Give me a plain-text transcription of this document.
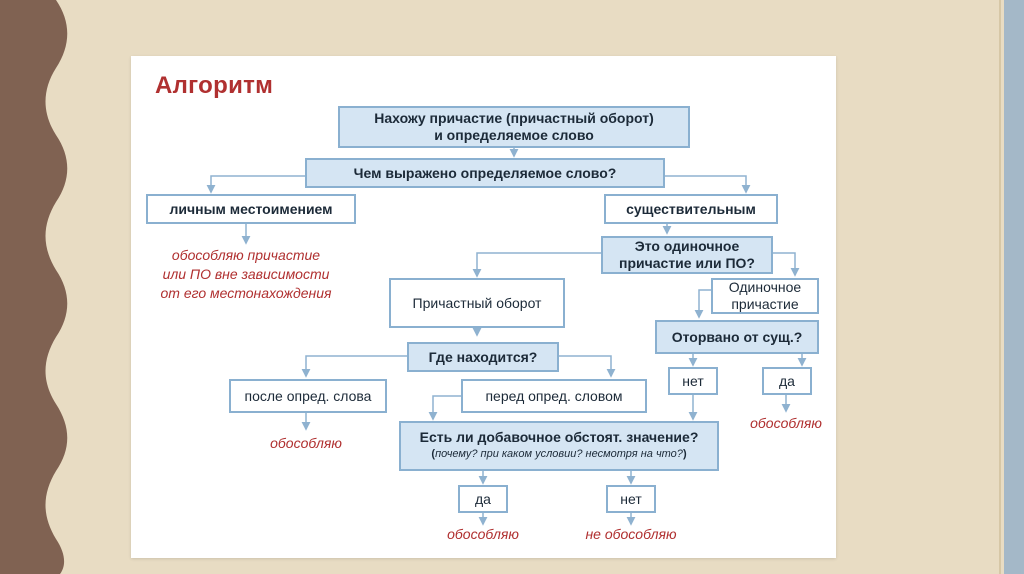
Алгоритм
Нахожу причастие (причастный оборот)
и определяемое слово
Чем выражено определяемое слово?
личным местоимением	существительным
обособляю причастие
или ПО вне зависимости
от его местонахождения
Это одиночное
причастие или ПО?
Причастный оборот
Одиночное
причастие
Оторвано от сущ.?
Где находится?
после опред. слова	перед опред. словом
нет	да
обособляю
обособляю
Есть ли добавочное обстоят. значение?
(почему? при каком условии? несмотря на что?)
да	нет
обособляю	не обособляю
